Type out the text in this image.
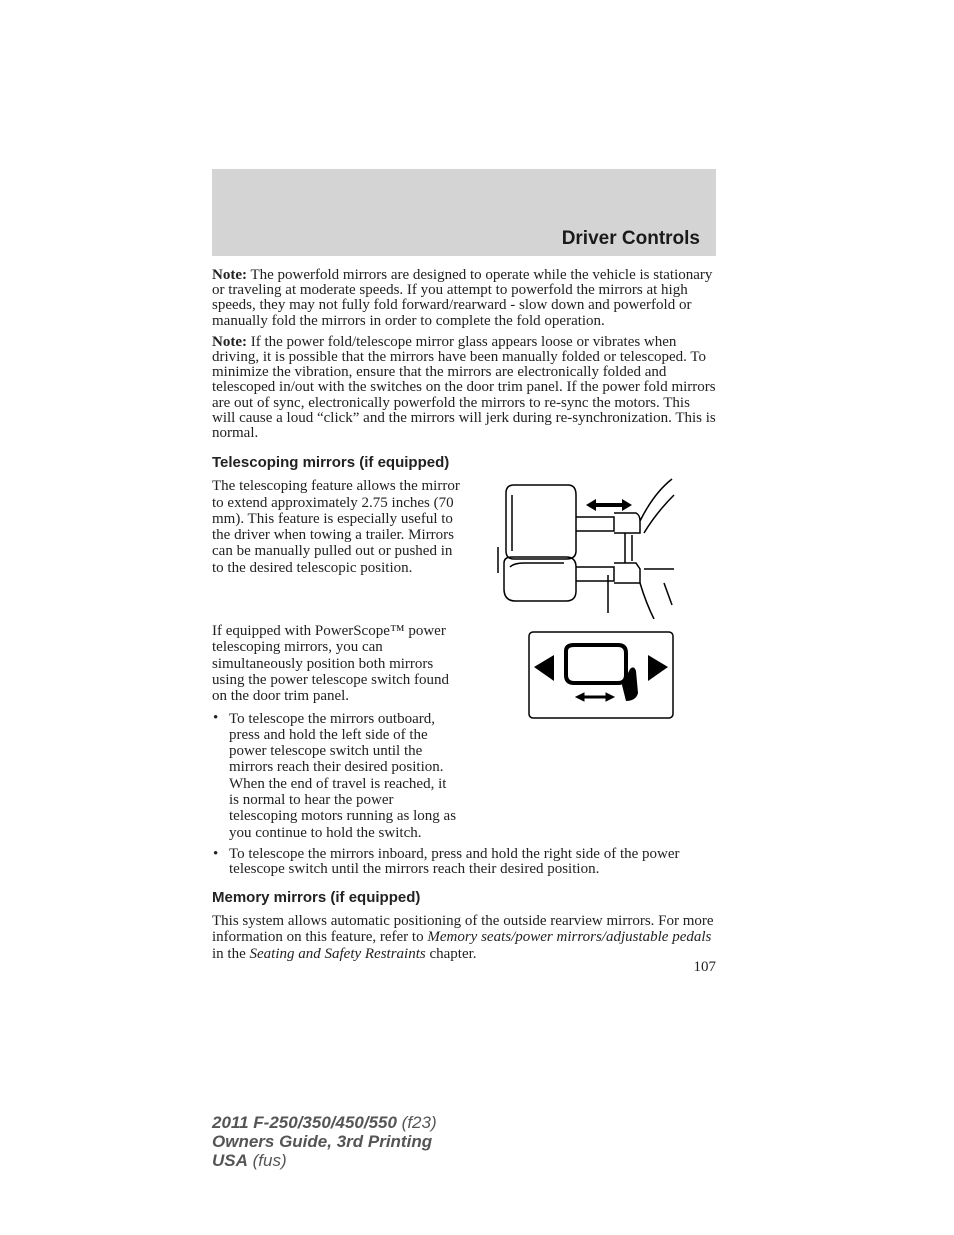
Driver Controls

Note: The powerfold mirrors are designed to operate while the vehicle is stationary or traveling at moderate speeds. If you attempt to powerfold the mirrors at high speeds, they may not fully fold forward/rearward - slow down and powerfold or manually fold the mirrors in order to complete the fold operation.

Note: If the power fold/telescope mirror glass appears loose or vibrates when driving, it is possible that the mirrors have been manually folded or telescoped. To minimize the vibration, ensure that the mirrors are electronically folded and telescoped in/out with the switches on the door trim panel. If the power fold mirrors are out of sync, electronically powerfold the mirrors to re-sync the motors. This will cause a loud “click” and the mirrors will jerk during re-synchronization. This is normal.

Telescoping mirrors (if equipped)

The telescoping feature allows the mirror to extend approximately 2.75 inches (70 mm). This feature is especially useful to the driver when towing a trailer. Mirrors can be manually pulled out or pushed in to the desired telescopic position.

If equipped with PowerScope™ power telescoping mirrors, you can simultaneously position both mirrors using the power telescope switch found on the door trim panel.

• To telescope the mirrors outboard, press and hold the left side of the power telescope switch until the mirrors reach their desired position. When the end of travel is reached, it is normal to hear the power telescoping motors running as long as you continue to hold the switch.
• To telescope the mirrors inboard, press and hold the right side of the power telescope switch until the mirrors reach their desired position.
Memory mirrors (if equipped)

This system allows automatic positioning of the outside rearview mirrors. For more information on this feature, refer to Memory seats/power mirrors/adjustable pedals in the Seating and Safety Restraints chapter.

107
2011 F-250/350/450/550 (f23)
Owners Guide, 3rd Printing
USA (fus)
